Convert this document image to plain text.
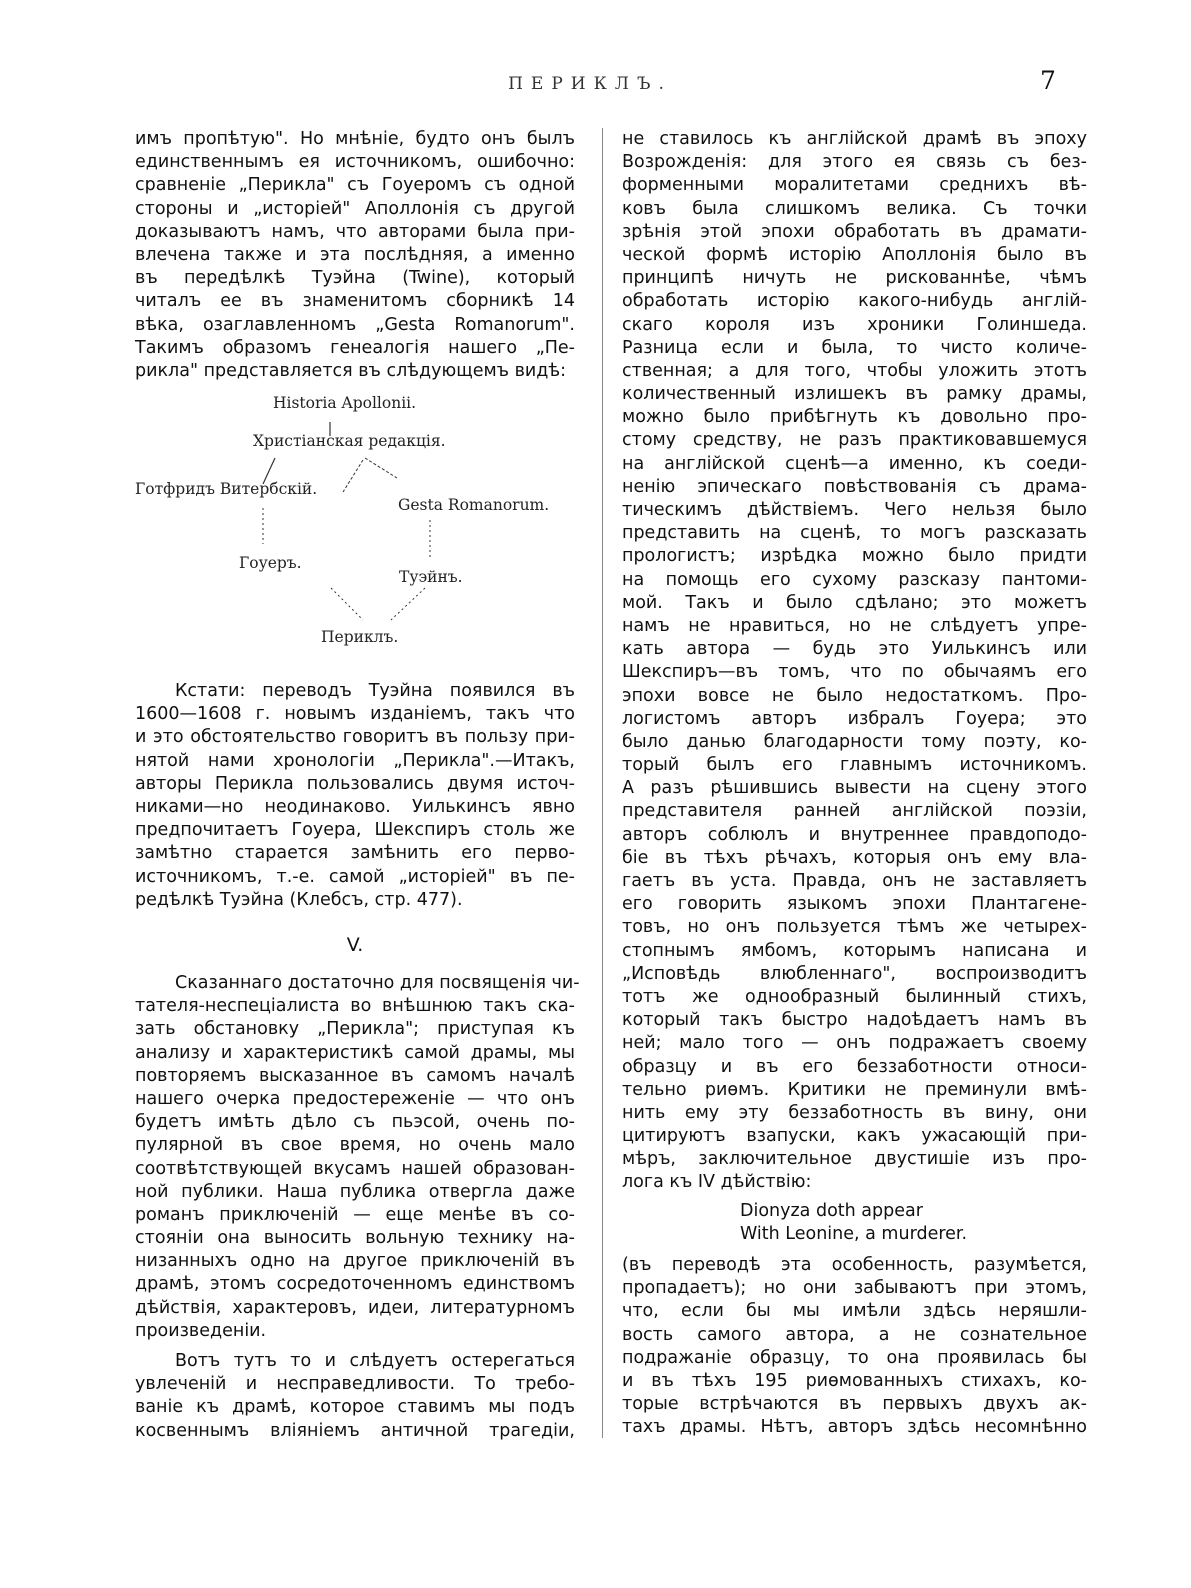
ПЕРИКЛЪ.	7
имъ пропѣтую". Но мнѣніе, будто онъ былъ
единственнымъ ея источникомъ, ошибочно:
сравненіе „Перикла" съ Гоуеромъ съ одной
стороны и „исторіей" Аполлонія съ другой
доказываютъ намъ, что авторами была при-
влечена также и эта послѣдняя, а именно
въ передѣлкѣ Туэйна (Twine), который
читалъ ее въ знаменитомъ сборникѣ 14
вѣка, озаглавленномъ „Gesta Romanorum".
Такимъ образомъ генеалогія нашего „Пе-
рикла" представляется въ слѣдующемъ видѣ:
Historia Apollonii.
Христіанская редакція.
Готфридъ Витербскій.
Gesta Romanorum.
Гоуеръ.
Туэйнъ.
Периклъ.
Кстати: переводъ Туэйна появился въ
1600—1608 г. новымъ изданіемъ, такъ что
и это обстоятельство говоритъ въ пользу при-
нятой нами хронологіи „Перикла".—Итакъ,
авторы Перикла пользовались двумя источ-
никами—но неодинаково. Уилькинсъ явно
предпочитаетъ Гоуера, Шекспиръ столь же
замѣтно старается замѣнить его перво-
источникомъ, т.-е. самой „исторіей" въ пе-
редѣлкѣ Туэйна (Клебсъ, стр. 477).
V.
Сказаннаго достаточно для посвященія чи-
тателя-неспеціалиста во внѣшнюю такъ ска-
зать обстановку „Перикла"; приступая къ
анализу и характеристикѣ самой драмы, мы
повторяемъ высказанное въ самомъ началѣ
нашего очерка предостереженіе — что онъ
будетъ имѣть дѣло съ пьэсой, очень по-
пулярной въ свое время, но очень мало
соотвѣтствующей вкусамъ нашей образован-
ной публики. Наша публика отвергла даже
романъ приключеній — еще менѣе въ со-
стояніи она выносить вольную технику на-
низанныхъ одно на другое приключеній въ
драмѣ, этомъ сосредоточенномъ единствомъ
дѣйствія, характеровъ, идеи, литературномъ
произведеніи.
Вотъ тутъ то и слѣдуетъ остерегаться
увлеченій и несправедливости. То требо-
ваніе къ драмѣ, которое ставимъ мы подъ
косвеннымъ вліяніемъ античной трагедіи,
не ставилось къ англійской драмѣ въ эпоху
Возрожденія: для этого ея связь съ без-
форменными моралитетами среднихъ вѣ-
ковъ была слишкомъ велика. Съ точки
зрѣнія этой эпохи обработать въ драмати-
ческой формѣ исторію Аполлонія было въ
принципѣ ничуть не рискованнѣе, чѣмъ
обработать исторію какого-нибудь англій-
скаго короля изъ хроники Голиншеда.
Разница если и была, то чисто количе-
ственная; а для того, чтобы уложить этотъ
количественный излишекъ въ рамку драмы,
можно было прибѣгнуть къ довольно про-
стому средству, не разъ практиковавшемуся
на англійской сценѣ—а именно, къ соеди-
ненію эпическаго повѣствованія съ драма-
тическимъ дѣйствіемъ. Чего нельзя было
представить на сценѣ, то могъ разсказать
прологистъ; изрѣдка можно было придти
на помощь его сухому разсказу пантоми-
мой. Такъ и было сдѣлано; это можетъ
намъ не нравиться, но не слѣдуетъ упре-
кать автора — будь это Уилькинсъ или
Шекспиръ—въ томъ, что по обычаямъ его
эпохи вовсе не было недостаткомъ. Про-
логистомъ авторъ избралъ Гоуера; это
было данью благодарности тому поэту, ко-
торый былъ его главнымъ источникомъ.
А разъ рѣшившись вывести на сцену этого
представителя ранней англійской поэзіи,
авторъ соблюлъ и внутреннее правдоподо-
біе въ тѣхъ рѣчахъ, которыя онъ ему вла-
гаетъ въ уста. Правда, онъ не заставляетъ
его говорить языкомъ эпохи Плантагене-
товъ, но онъ пользуется тѣмъ же четырех-
стопнымъ ямбомъ, которымъ написана и
„Исповѣдь влюбленнаго", воспроизводитъ
тотъ же однообразный былинный стихъ,
который такъ быстро надоѣдаетъ намъ въ
ней; мало того — онъ подражаетъ своему
образцу и въ его беззаботности относи-
тельно риѳмъ. Критики не преминули вмѣ-
нить ему эту беззаботность въ вину, они
цитируютъ взапуски, какъ ужасающій при-
мѣръ, заключительное двустишіе изъ про-
лога къ IV дѣйствію:
Dionyza doth appear
With Leonine, a murderer.
(въ переводѣ эта особенность, разумѣется,
пропадаетъ); но они забываютъ при этомъ,
что, если бы мы имѣли здѣсь неряшли-
вость самого автора, а не сознательное
подражаніе образцу, то она проявилась бы
и въ тѣхъ 195 риѳмованныхъ стихахъ, ко-
торые встрѣчаются въ первыхъ двухъ ак-
тахъ драмы. Нѣтъ, авторъ здѣсь несомнѣнно
